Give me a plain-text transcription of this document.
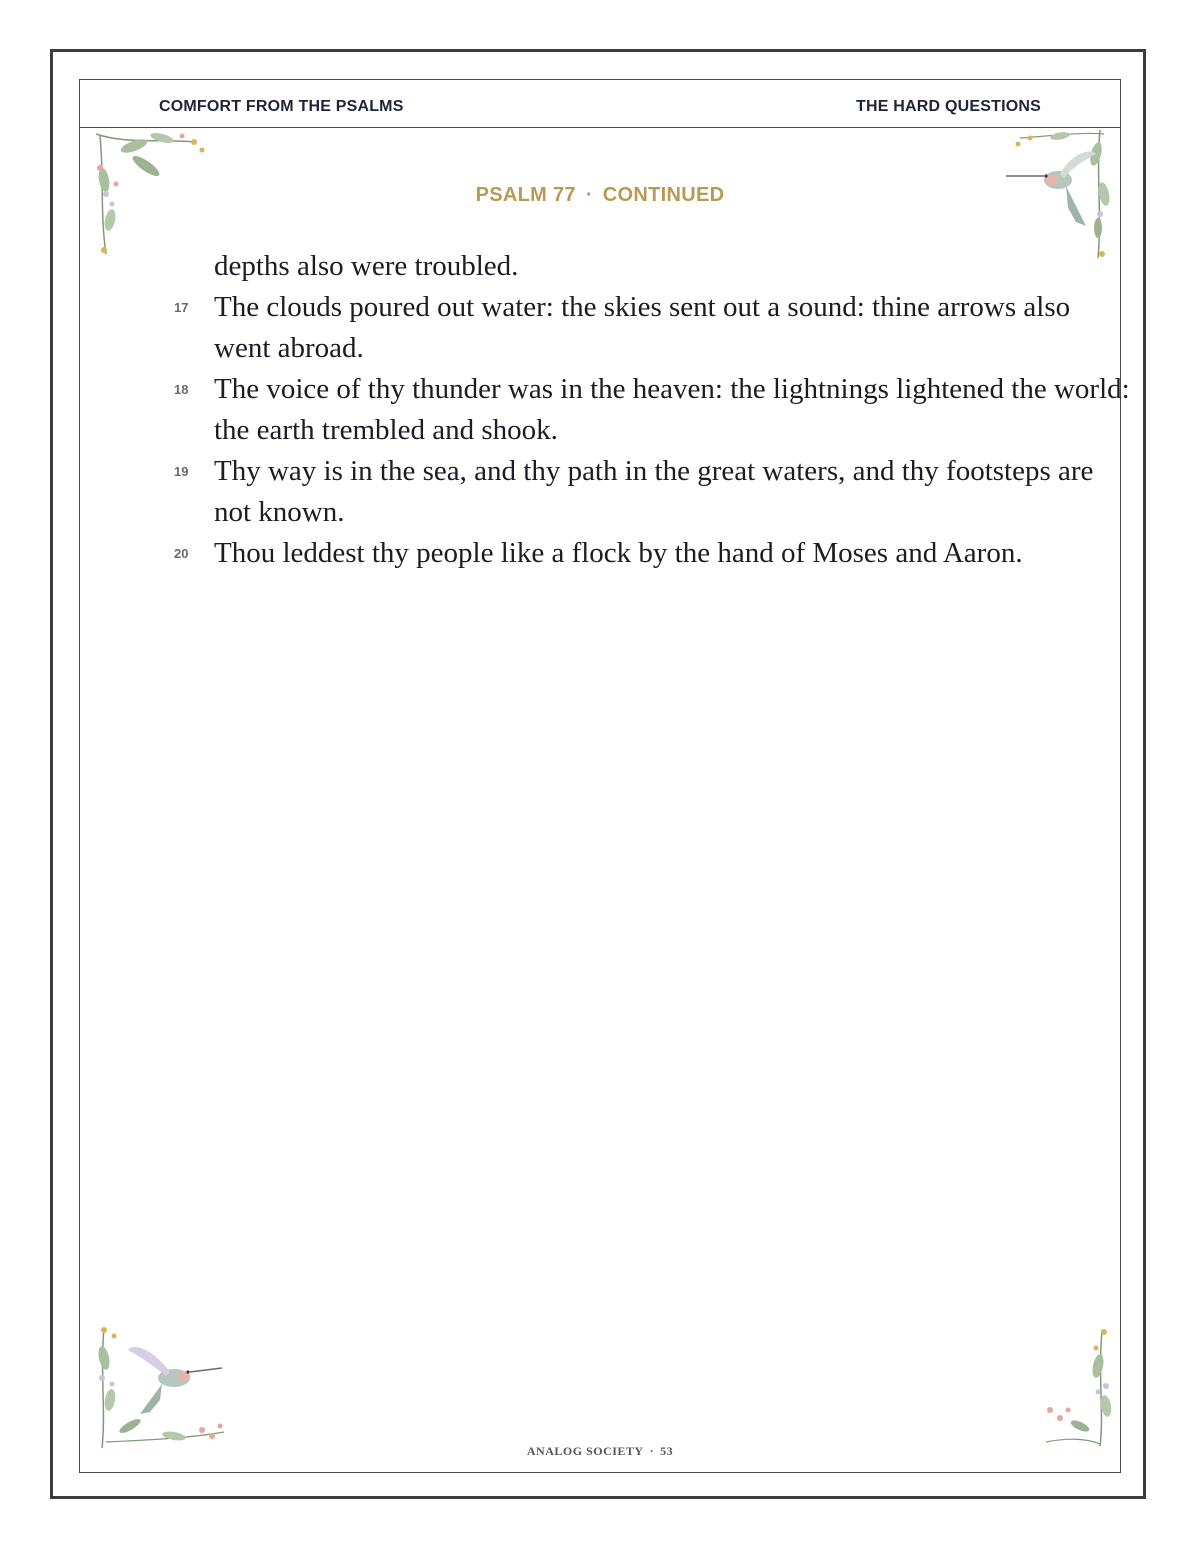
COMFORT FROM THE PSALMS	THE HARD QUESTIONS
PSALM 77 · CONTINUED
depths also were troubled.
17 The clouds poured out water: the skies sent out a sound: thine arrows also went abroad.
18 The voice of thy thunder was in the heaven: the lightnings lightened the world: the earth trembled and shook.
19 Thy way is in the sea, and thy path in the great waters, and thy footsteps are not known.
20 Thou leddest thy people like a flock by the hand of Moses and Aaron.
ANALOG SOCIETY · 53
